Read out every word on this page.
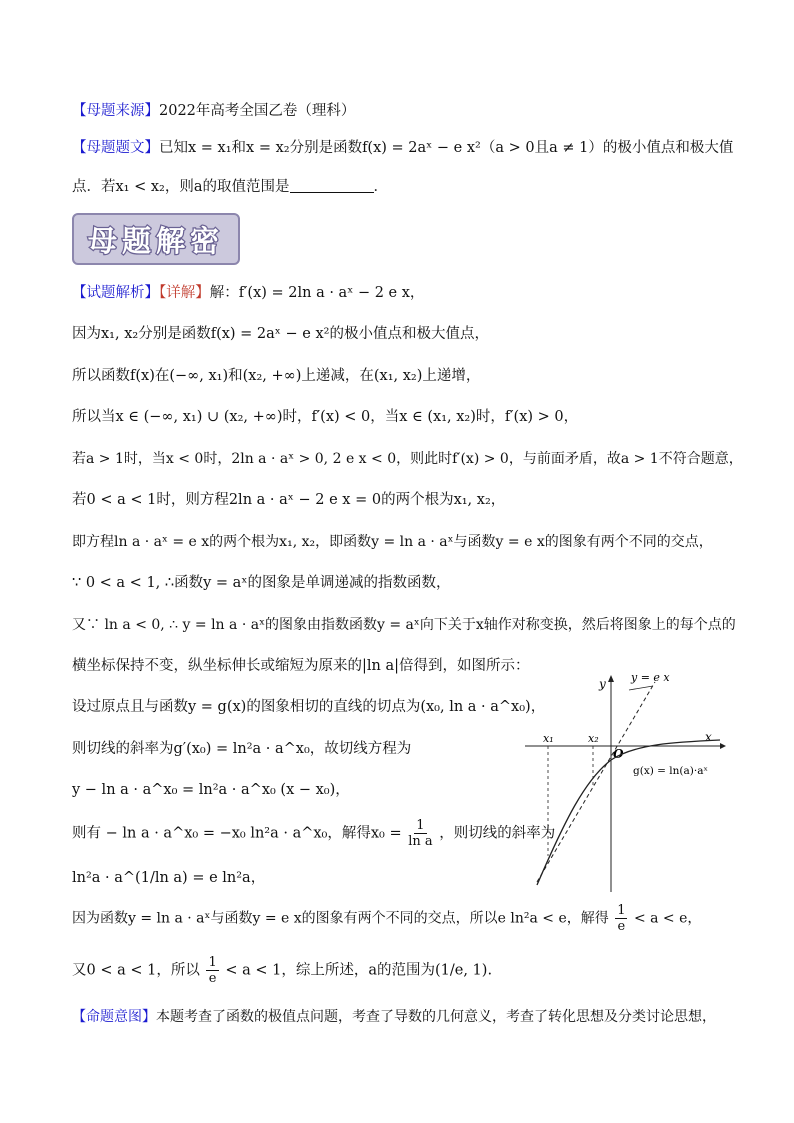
【母题来源】2022年高考全国乙卷（理科）
【母题题文】已知x = x₁和x = x₂分别是函数f(x) = 2aˣ − e x²（a > 0且a ≠ 1）的极小值点和极大值
点．若x₁ < x₂，则a的取值范围是	．
母题解密
【试题解析】【详解】解：f′(x) = 2ln a · aˣ − 2 e x，
因为x₁, x₂分别是函数f(x) = 2aˣ − e x²的极小值点和极大值点，
所以函数f(x)在(−∞, x₁)和(x₂, +∞)上递减，在(x₁, x₂)上递增，
所以当x ∈ (−∞, x₁) ∪ (x₂, +∞)时，f′(x) < 0，当x ∈ (x₁, x₂)时，f′(x) > 0，
若a > 1时，当x < 0时，2ln a · aˣ > 0, 2 e x < 0，则此时f′(x) > 0，与前面矛盾，故a > 1不符合题意，
若0 < a < 1时，则方程2ln a · aˣ − 2 e x = 0的两个根为x₁, x₂，
即方程ln a · aˣ = e x的两个根为x₁, x₂，即函数y = ln a · aˣ与函数y = e x的图象有两个不同的交点，
∵ 0 < a < 1, ∴函数y = aˣ的图象是单调递减的指数函数，
又∵ ln a < 0, ∴ y = ln a · aˣ的图象由指数函数y = aˣ向下关于x轴作对称变换，然后将图象上的每个点的
横坐标保持不变，纵坐标伸长或缩短为原来的|ln a|倍得到，如图所示：
设过原点且与函数y = g(x)的图象相切的直线的切点为(x₀, ln a · a^x₀)，
则切线的斜率为g′(x₀) = ln²a · a^x₀，故切线方程为
y − ln a · a^x₀ = ln²a · a^x₀ (x − x₀)，
则有 − ln a · a^x₀ = −x₀ ln²a · a^x₀，解得$x_0 = \frac{1}{\text{ln a}}$ ，则切线的斜率为
ln²a · a^(1/ln a) = e ln²a，
因为函数y = ln a · aˣ与函数y = e x的图象有两个不同的交点，所以e ln²a < e，解得 $\frac{1}{e} < a < e$，
又0 < a < 1，所以 $\frac{1}{e} < a < 1$，综上所述，a的范围为(1/e, 1).
【命题意图】本题考查了函数的极值点问题，考查了导数的几何意义，考查了转化思想及分类讨论思想，
y
x
O
y = e x
g(x) = ln(a)·aˣ
x₁	x₂
